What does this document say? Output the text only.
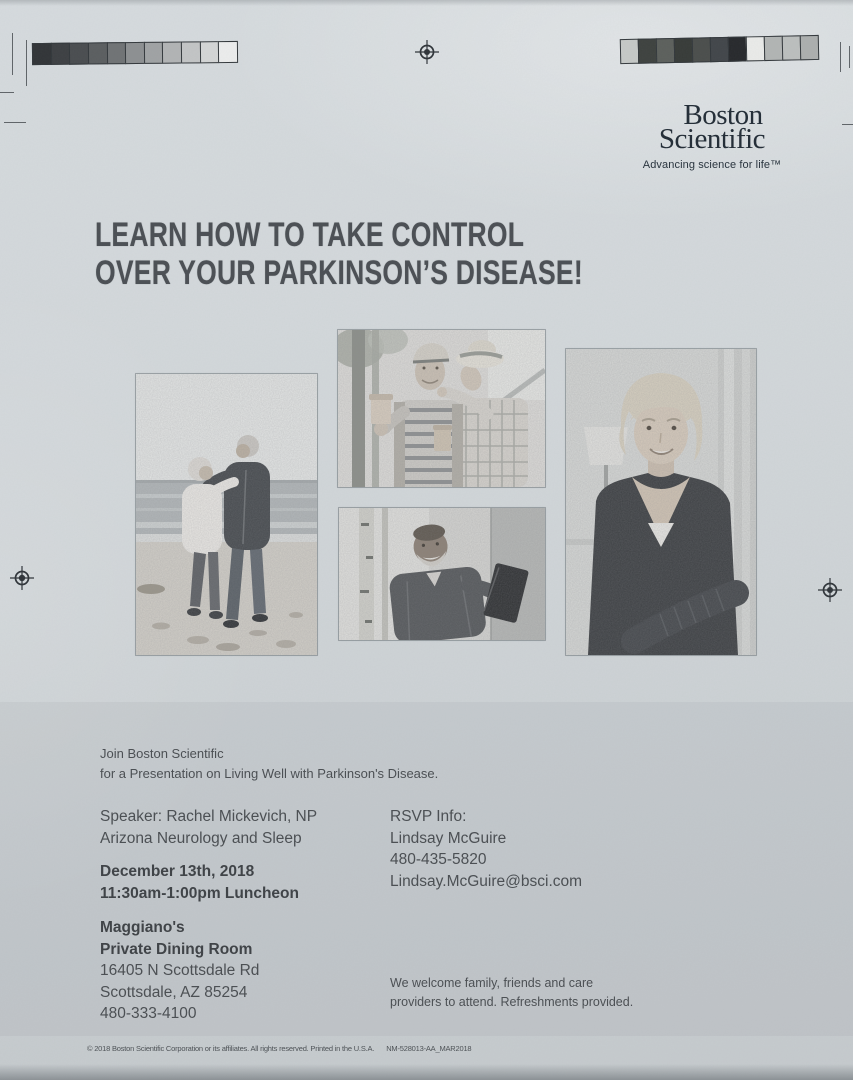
Boston
Scientific
Advancing science for life™
LEARN HOW TO TAKE CONTROL
OVER YOUR PARKINSON’S DISEASE!
Join Boston Scientific
for a Presentation on Living Well with Parkinson's Disease.
Speaker: Rachel Mickevich, NP
Arizona Neurology and Sleep
December 13th, 2018
11:30am-1:00pm Luncheon
Maggiano's
Private Dining Room
16405 N Scottsdale Rd
Scottsdale, AZ 85254
480-333-4100
RSVP Info:
Lindsay McGuire
480-435-5820
Lindsay.McGuire@bsci.com
We welcome family, friends and care
providers to attend. Refreshments provided.
© 2018 Boston Scientific Corporation or its affiliates. All rights reserved. Printed in the U.S.A. NM-528013-AA_MAR2018
